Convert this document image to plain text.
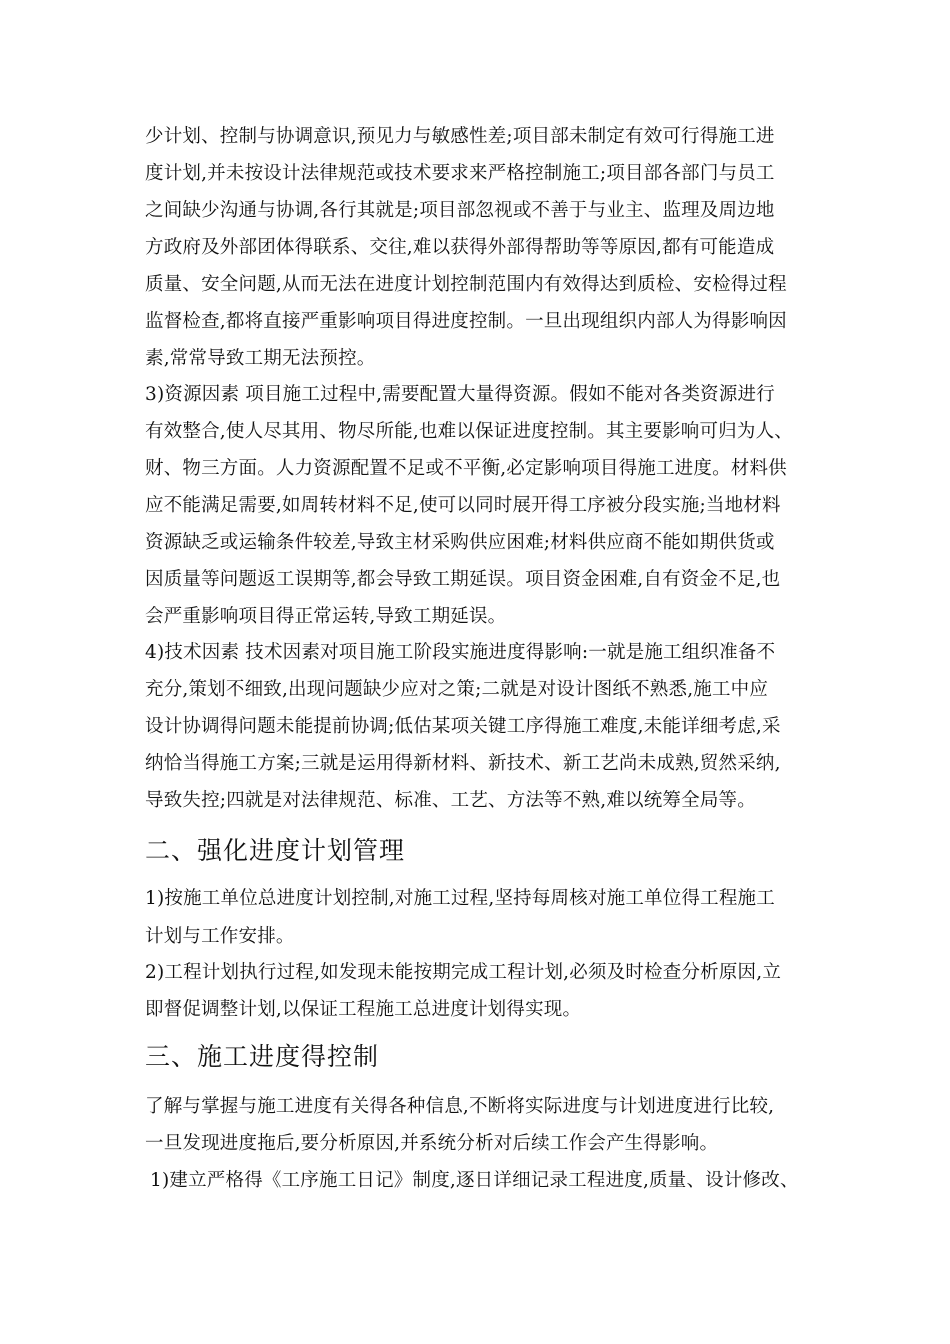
少计划、控制与协调意识,预见力与敏感性差;项目部未制定有效可行得施工进
度计划,并未按设计法律规范或技术要求来严格控制施工;项目部各部门与员工
之间缺少沟通与协调,各行其就是;项目部忽视或不善于与业主、监理及周边地
方政府及外部团体得联系、交往,难以获得外部得帮助等等原因,都有可能造成
质量、安全问题,从而无法在进度计划控制范围内有效得达到质检、安检得过程
监督检查,都将直接严重影响项目得进度控制。一旦出现组织内部人为得影响因
素,常常导致工期无法预控。
3)资源因素 项目施工过程中,需要配置大量得资源。假如不能对各类资源进行
有效整合,使人尽其用、物尽所能,也难以保证进度控制。其主要影响可归为人、
财、物三方面。人力资源配置不足或不平衡,必定影响项目得施工进度。材料供
应不能满足需要,如周转材料不足,使可以同时展开得工序被分段实施;当地材料
资源缺乏或运输条件较差,导致主材采购供应困难;材料供应商不能如期供货或
因质量等问题返工误期等,都会导致工期延误。项目资金困难,自有资金不足,也
会严重影响项目得正常运转,导致工期延误。
4)技术因素 技术因素对项目施工阶段实施进度得影响:一就是施工组织准备不
充分,策划不细致,出现问题缺少应对之策;二就是对设计图纸不熟悉,施工中应
设计协调得问题未能提前协调;低估某项关键工序得施工难度,未能详细考虑,采
纳恰当得施工方案;三就是运用得新材料、新技术、新工艺尚未成熟,贸然采纳,
导致失控;四就是对法律规范、标准、工艺、方法等不熟,难以统筹全局等。
二、强化进度计划管理
1)按施工单位总进度计划控制,对施工过程,坚持每周核对施工单位得工程施工
计划与工作安排。
2)工程计划执行过程,如发现未能按期完成工程计划,必须及时检查分析原因,立
即督促调整计划,以保证工程施工总进度计划得实现。
三、施工进度得控制
了解与掌握与施工进度有关得各种信息,不断将实际进度与计划进度进行比较,
一旦发现进度拖后,要分析原因,并系统分析对后续工作会产生得影响。
1)建立严格得《工序施工日记》制度,逐日详细记录工程进度,质量、设计修改、
